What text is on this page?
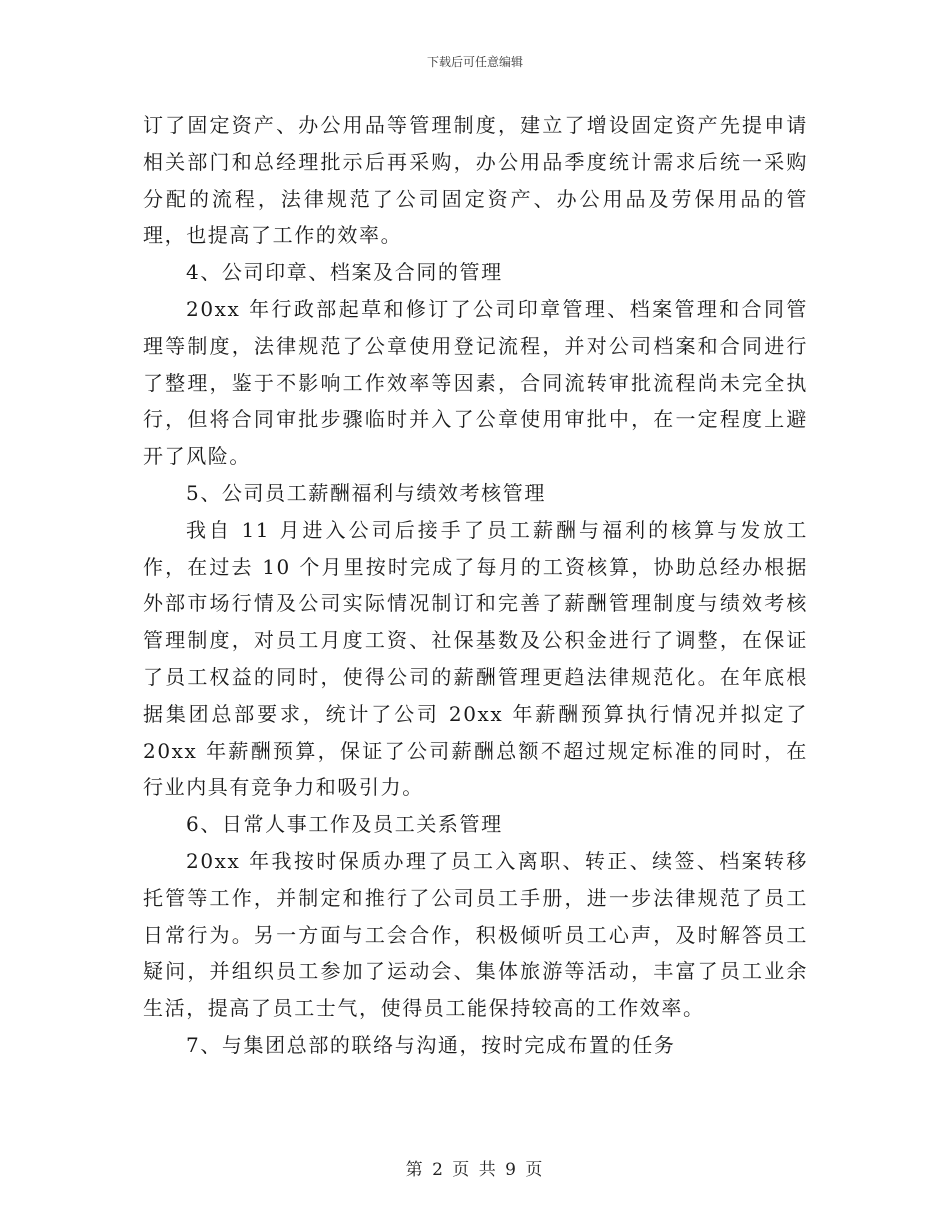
下载后可任意编辑

订了固定资产、办公用品等管理制度，建立了增设固定资产先提申请相关部门和总经理批示后再采购，办公用品季度统计需求后统一采购分配的流程，法律规范了公司固定资产、办公用品及劳保用品的管理，也提高了工作的效率。

4、公司印章、档案及合同的管理

20xx 年行政部起草和修订了公司印章管理、档案管理和合同管理等制度，法律规范了公章使用登记流程，并对公司档案和合同进行了整理，鉴于不影响工作效率等因素，合同流转审批流程尚未完全执行，但将合同审批步骤临时并入了公章使用审批中，在一定程度上避开了风险。

5、公司员工薪酬福利与绩效考核管理

我自 11 月进入公司后接手了员工薪酬与福利的核算与发放工作，在过去 10 个月里按时完成了每月的工资核算，协助总经办根据外部市场行情及公司实际情况制订和完善了薪酬管理制度与绩效考核管理制度，对员工月度工资、社保基数及公积金进行了调整，在保证了员工权益的同时，使得公司的薪酬管理更趋法律规范化。在年底根据集团总部要求，统计了公司 20xx 年薪酬预算执行情况并拟定了 20xx 年薪酬预算，保证了公司薪酬总额不超过规定标准的同时，在行业内具有竞争力和吸引力。

6、日常人事工作及员工关系管理

20xx 年我按时保质办理了员工入离职、转正、续签、档案转移托管等工作，并制定和推行了公司员工手册，进一步法律规范了员工日常行为。另一方面与工会合作，积极倾听员工心声，及时解答员工疑问，并组织员工参加了运动会、集体旅游等活动，丰富了员工业余生活，提高了员工士气，使得员工能保持较高的工作效率。

7、与集团总部的联络与沟通，按时完成布置的任务

第 2 页 共 9 页
